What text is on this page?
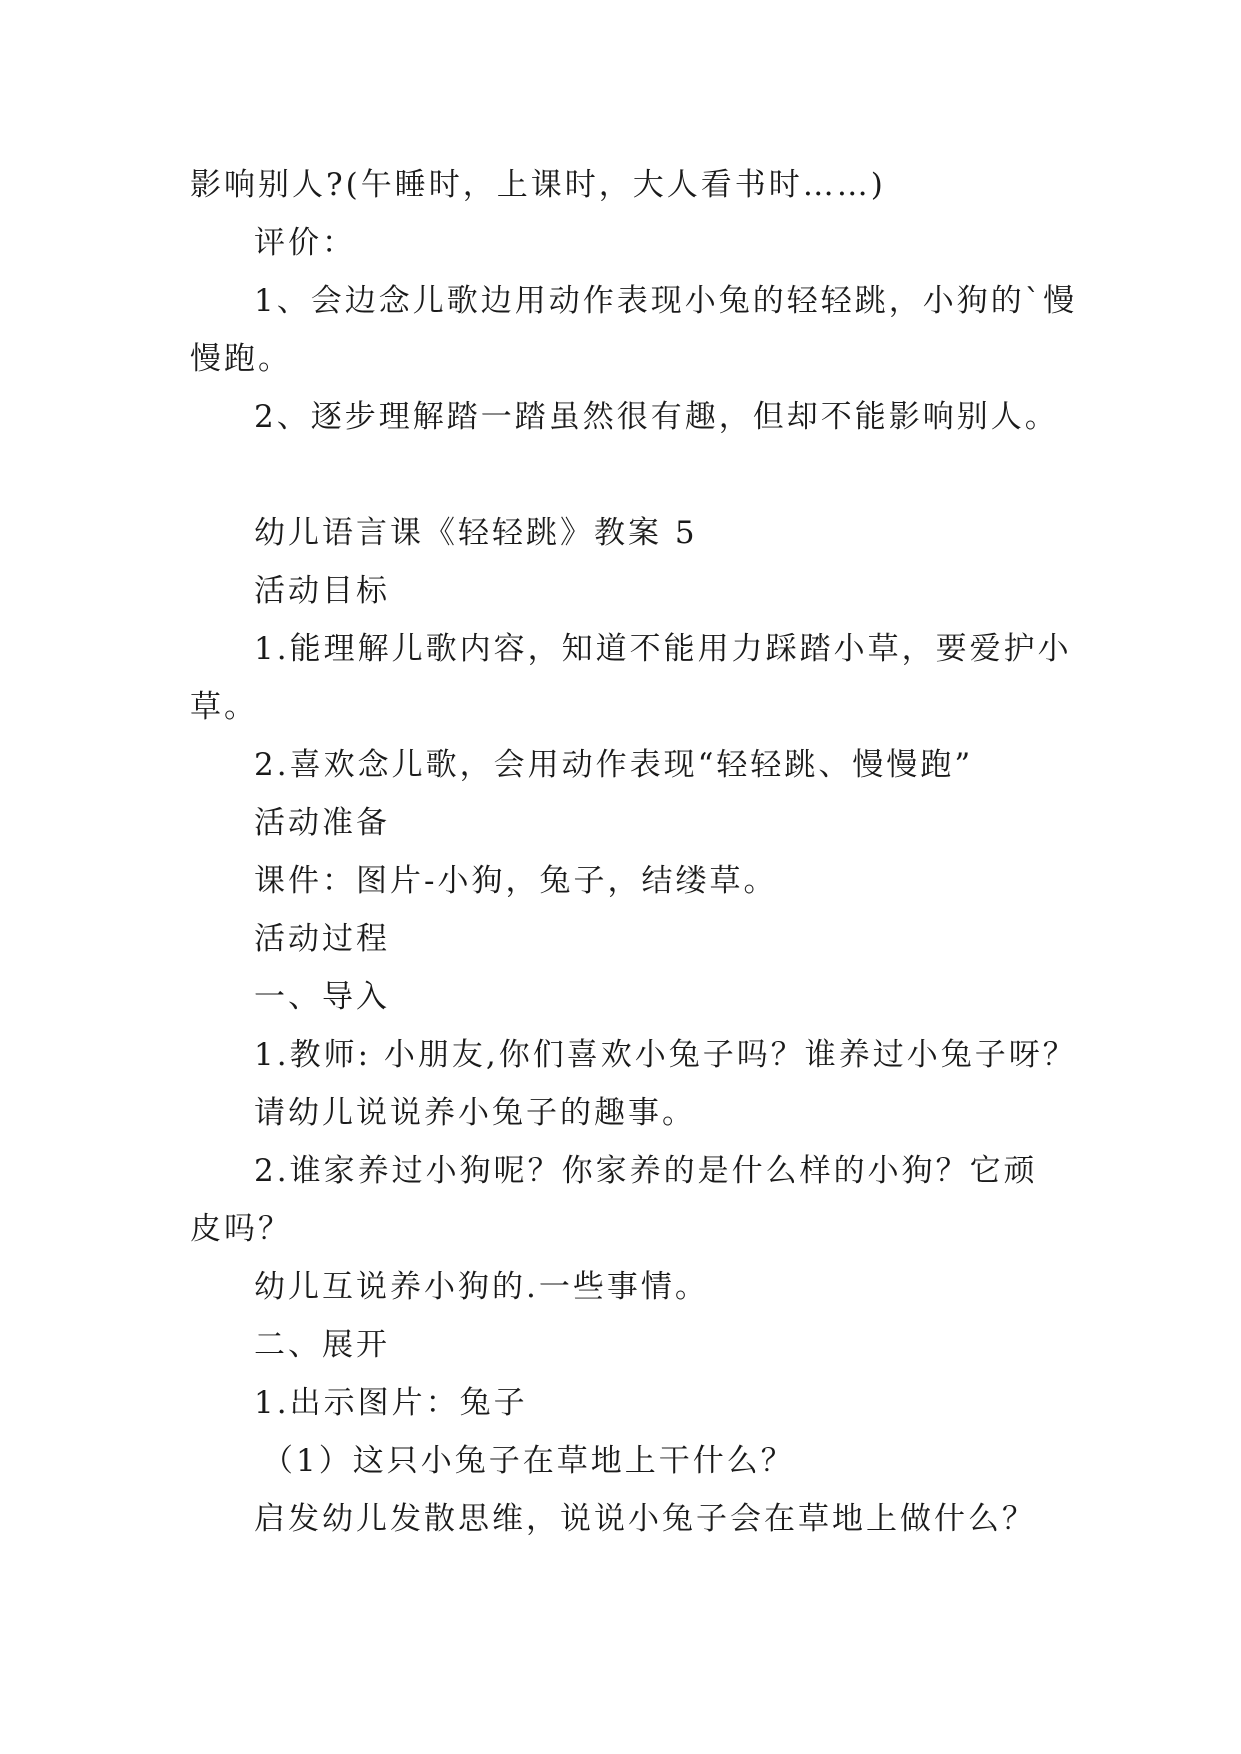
影响别人?(午睡时，上课时，大人看书时……)
评价：
1、会边念儿歌边用动作表现小兔的轻轻跳，小狗的`慢
慢跑。
2、逐步理解踏一踏虽然很有趣，但却不能影响别人。
幼儿语言课《轻轻跳》教案 5
活动目标
1.能理解儿歌内容，知道不能用力踩踏小草，要爱护小
草。
2.喜欢念儿歌，会用动作表现“轻轻跳、慢慢跑”
活动准备
课件：图片-小狗，兔子，结缕草。
活动过程
一、导入
1.教师: 小朋友,你们喜欢小兔子吗？谁养过小兔子呀？
请幼儿说说养小兔子的趣事。
2.谁家养过小狗呢？你家养的是什么样的小狗？它顽
皮吗？
幼儿互说养小狗的.一些事情。
二、展开
1.出示图片：兔子
（1）这只小兔子在草地上干什么？
启发幼儿发散思维，说说小兔子会在草地上做什么？
